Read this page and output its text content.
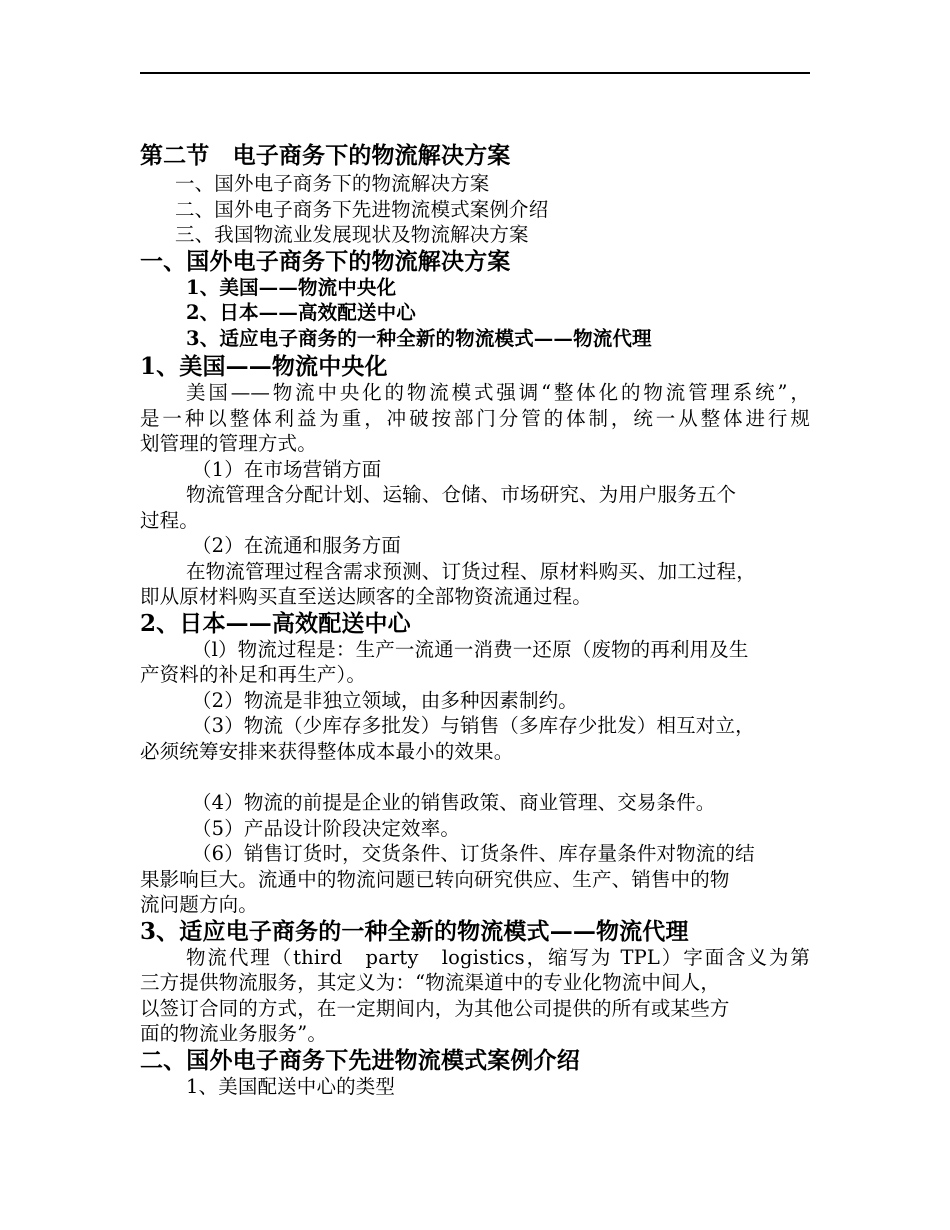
第二节　电子商务下的物流解决方案
一、国外电子商务下的物流解决方案
二、国外电子商务下先进物流模式案例介绍
三、我国物流业发展现状及物流解决方案
一、国外电子商务下的物流解决方案
1、美国——物流中央化
2、日本——高效配送中心
3、适应电子商务的一种全新的物流模式——物流代理
1、美国——物流中央化
美国——物流中央化的物流模式强调“整体化的物流管理系统”，
是一种以整体利益为重，冲破按部门分管的体制，统一从整体进行规
划管理的管理方式。
（1）在市场营销方面
物流管理含分配计划、运输、仓储、市场研究、为用户服务五个
过程。
（2）在流通和服务方面
在物流管理过程含需求预测、订货过程、原材料购买、加工过程，
即从原材料购买直至送达顾客的全部物资流通过程。
2、日本——高效配送中心
（l）物流过程是：生产一流通一消费一还原（废物的再利用及生
产资料的补足和再生产）。
（2）物流是非独立领域，由多种因素制约。
（3）物流（少库存多批发）与销售（多库存少批发）相互对立，
必须统筹安排来获得整体成本最小的效果。
（4）物流的前提是企业的销售政策、商业管理、交易条件。
（5）产品设计阶段决定效率。
（6）销售订货时，交货条件、订货条件、库存量条件对物流的结
果影响巨大。流通中的物流问题已转向研究供应、生产、销售中的物
流问题方向。
3、适应电子商务的一种全新的物流模式——物流代理
物流代理（third　party　logistics，缩写为 TPL）字面含义为第
三方提供物流服务，其定义为：“物流渠道中的专业化物流中间人，
以签订合同的方式，在一定期间内，为其他公司提供的所有或某些方
面的物流业务服务”。
二、国外电子商务下先进物流模式案例介绍
1、美国配送中心的类型
